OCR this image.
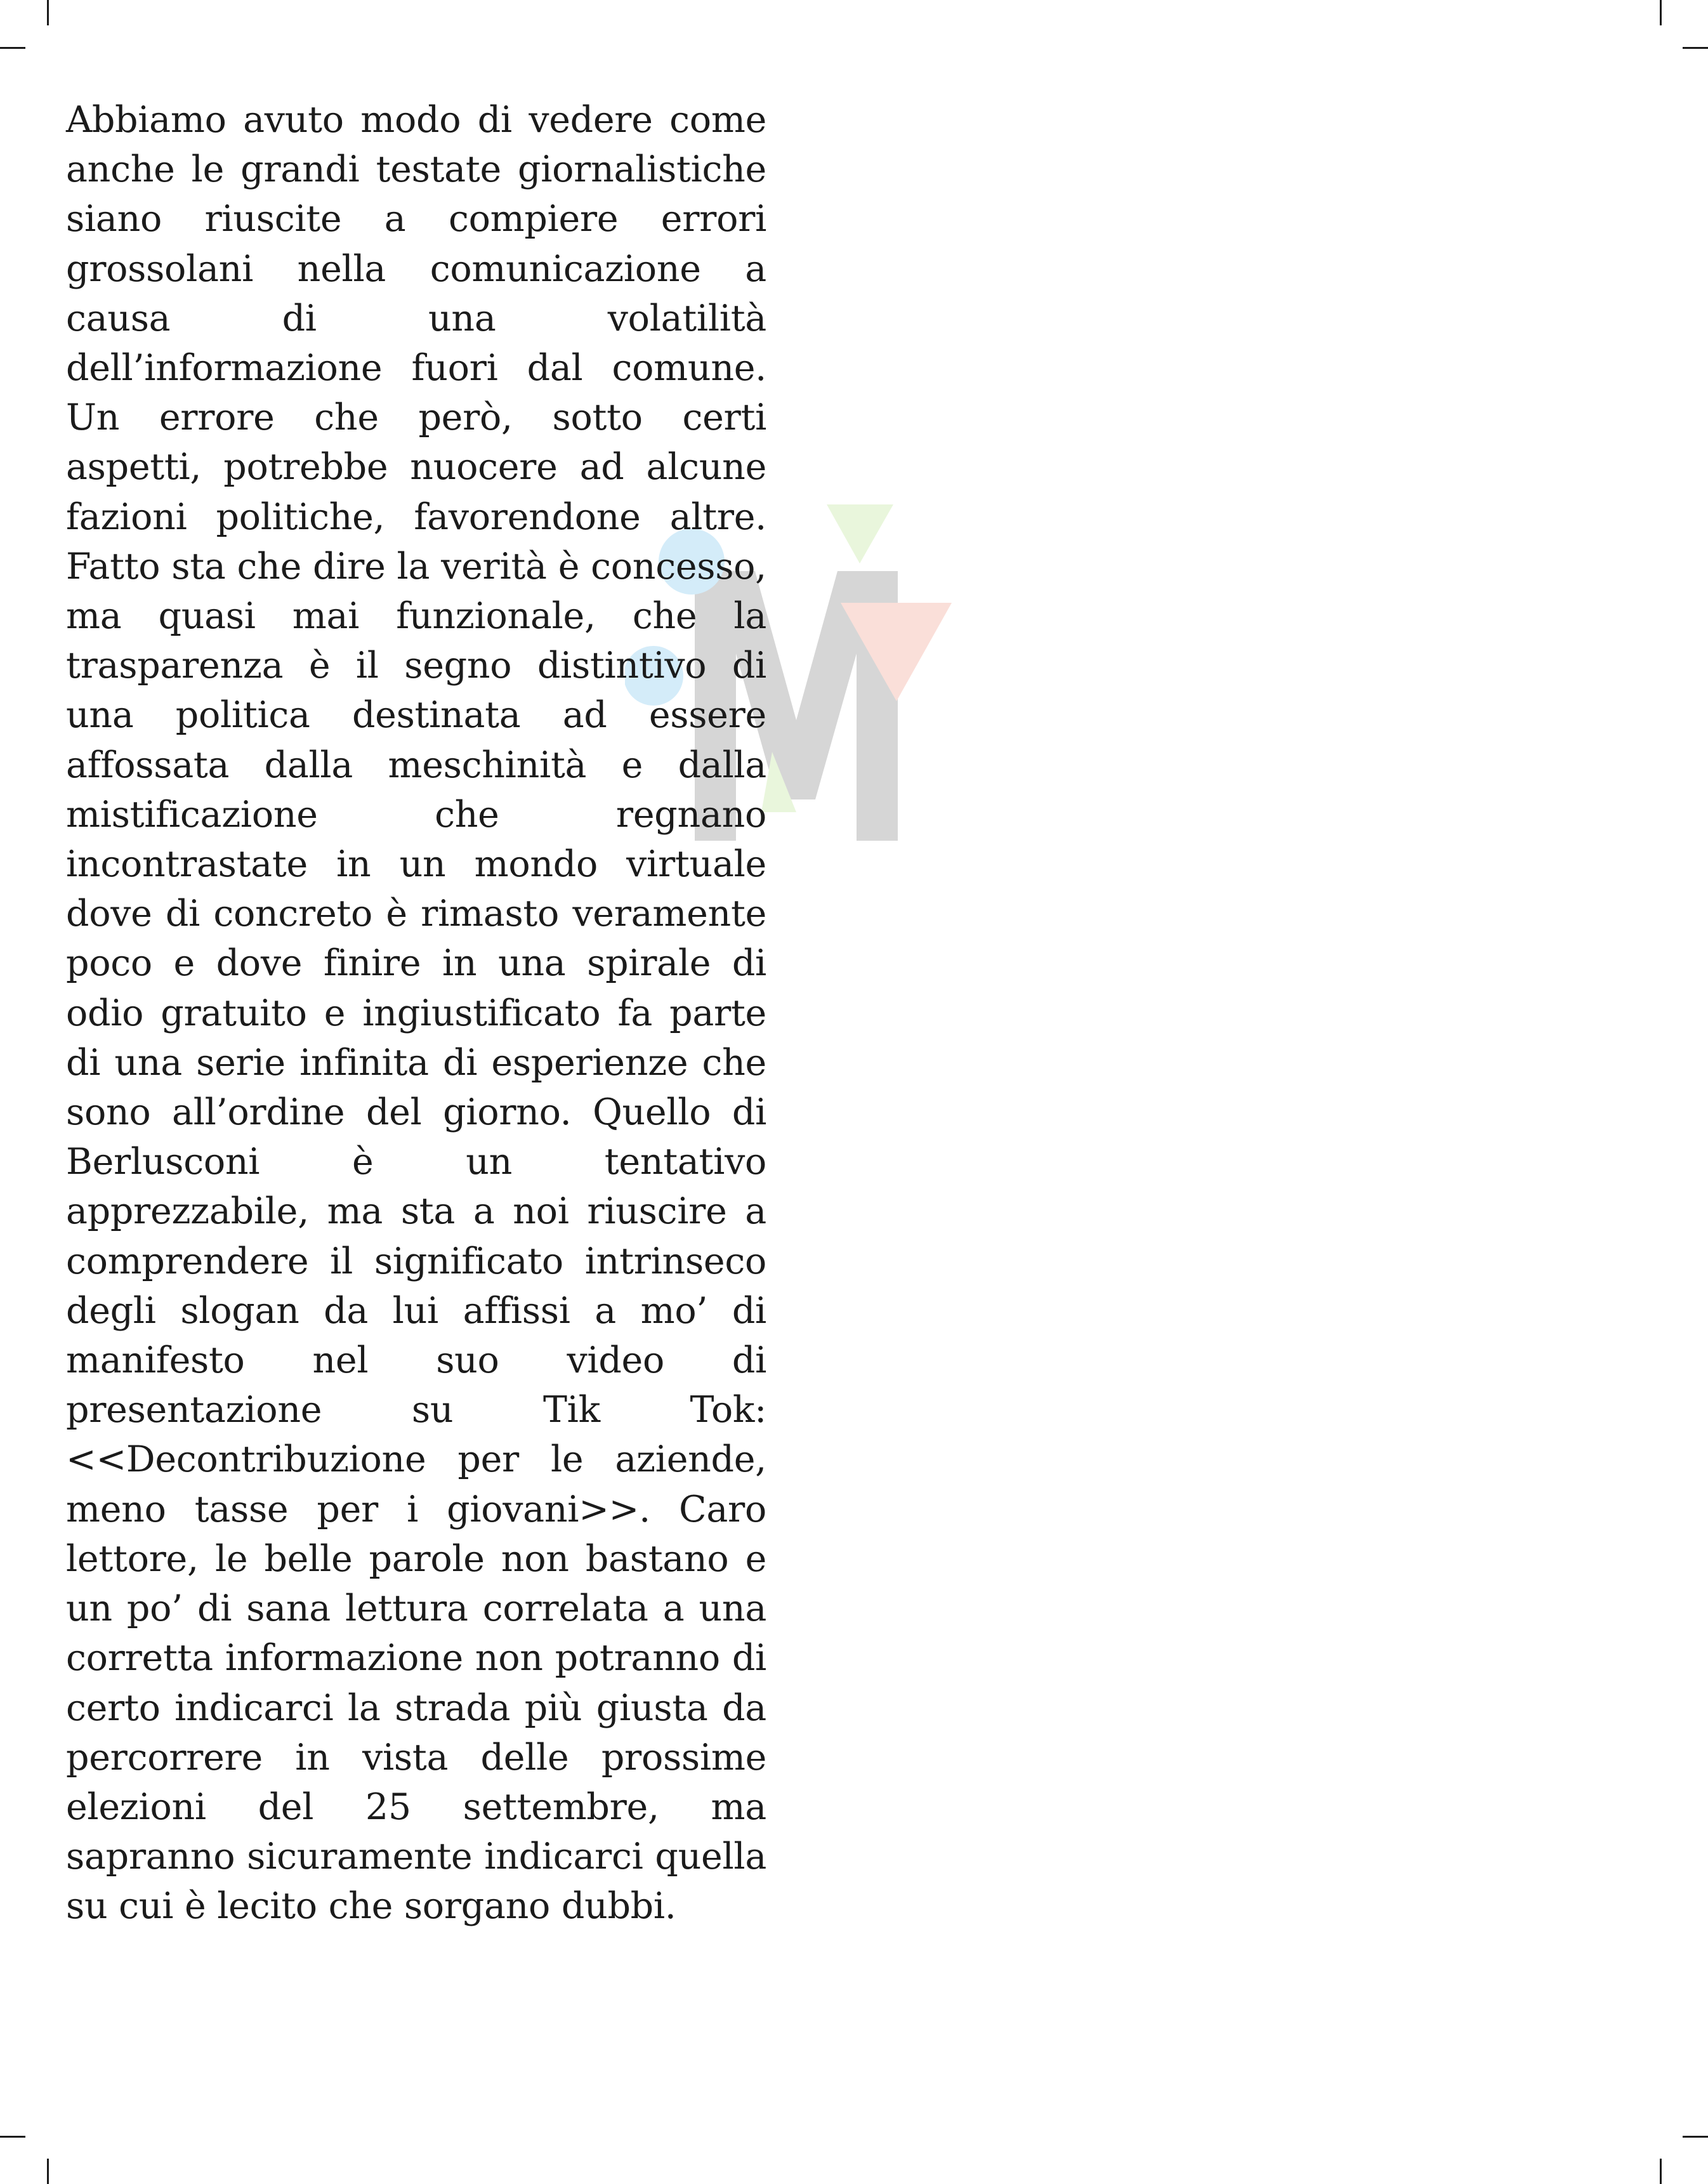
Abbiamo avuto modo di vedere come anche le grandi testate giornalistiche siano riuscite a compiere errori grossolani nella comunicazione a causa di una volatilità dell’informazione fuori dal comune. Un errore che però, sotto certi aspetti, potrebbe nuocere ad alcune fazioni politiche, favorendone altre. Fatto sta che dire la verità è concesso, ma quasi mai funzionale, che la trasparenza è il segno distintivo di una politica destinata ad essere affossata dalla meschinità e dalla mistificazione che regnano incontrastate in un mondo virtuale dove di concreto è rimasto veramente poco e dove finire in una spirale di odio gratuito e ingiustificato fa parte di una serie infinita di esperienze che sono all’ordine del giorno. Quello di Berlusconi è un tentativo apprezzabile, ma sta a noi riuscire a comprendere il significato intrinseco degli slogan da lui affissi a mo’ di manifesto nel suo video di presentazione su Tik Tok: <<Decontribuzione per le aziende, meno tasse per i giovani>>. Caro lettore, le belle parole non bastano e un po’ di sana lettura correlata a una corretta informazione non potranno di certo indicarci la strada più giusta da percorrere in vista delle prossime elezioni del 25 settembre, ma sapranno sicuramente indicarci quella su cui è lecito che sorgano dubbi.
